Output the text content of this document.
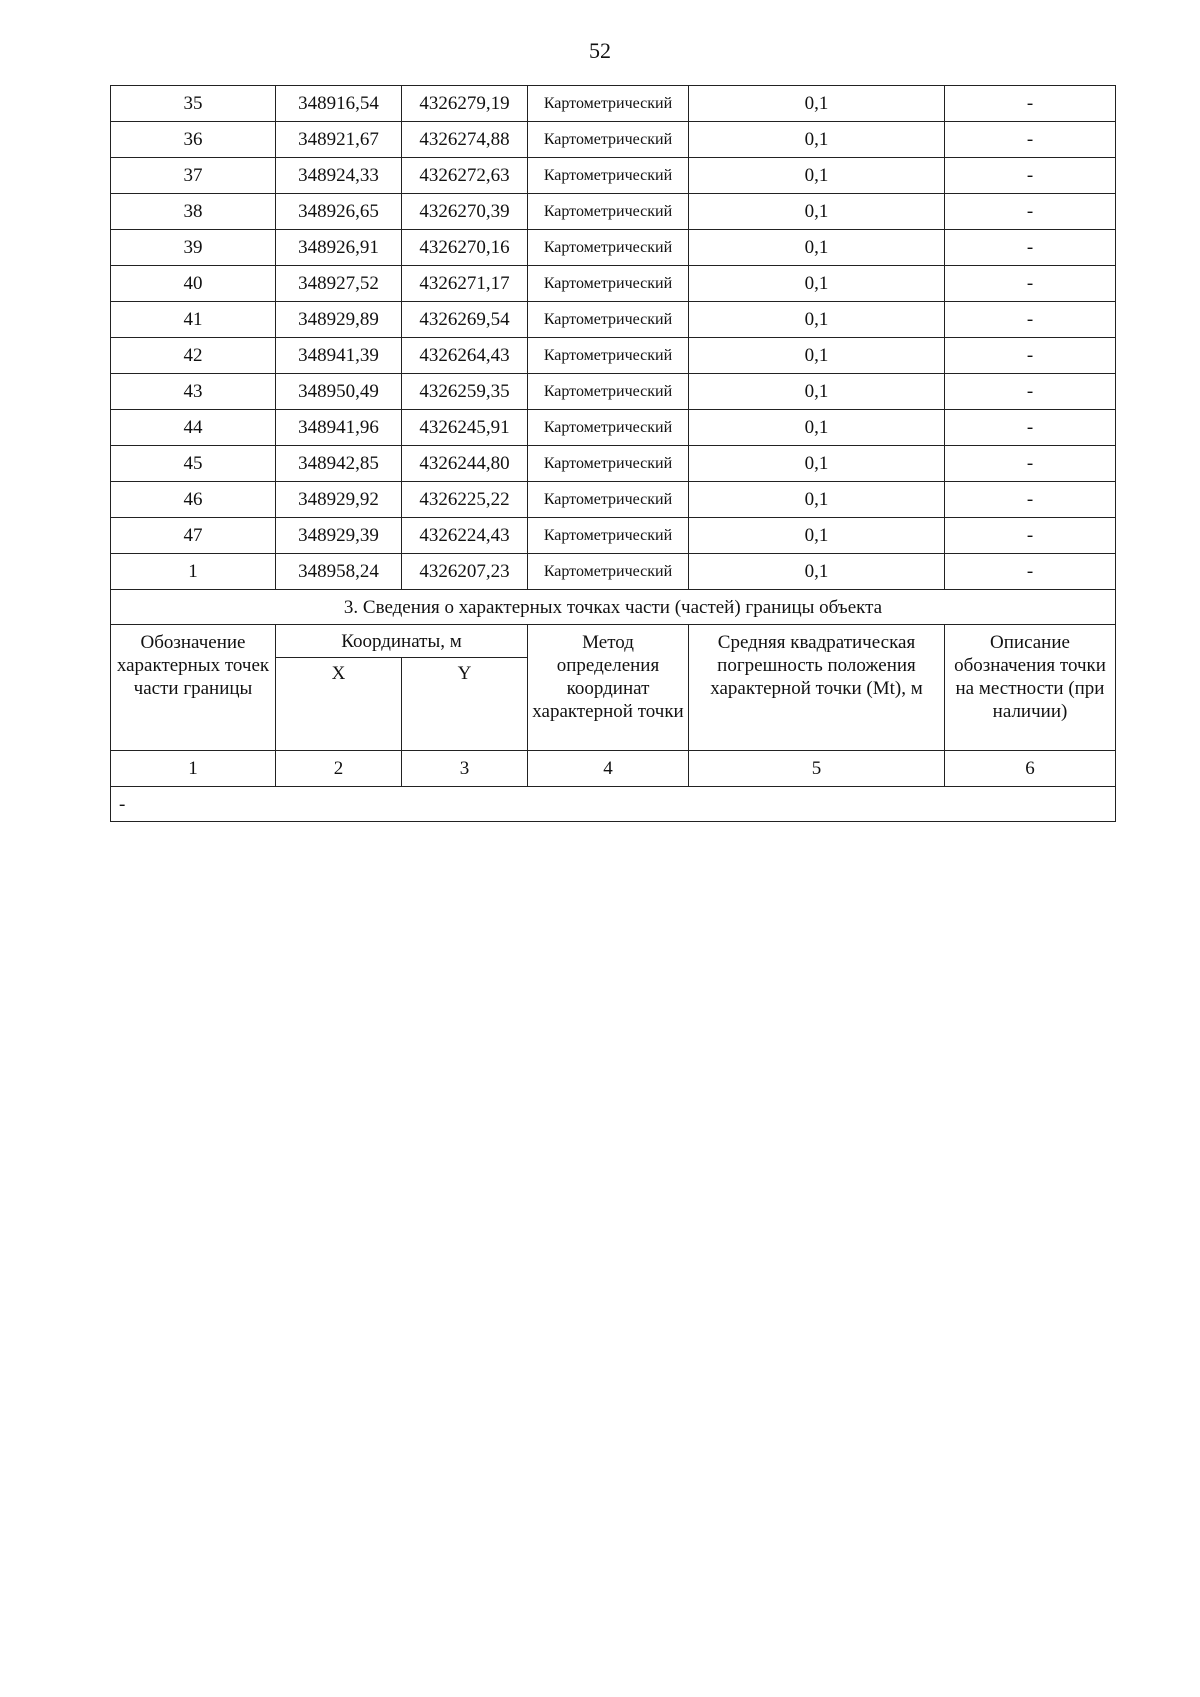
52
35	348916,54	4326279,19	Картометрический	0,1	-
36	348921,67	4326274,88	Картометрический	0,1	-
37	348924,33	4326272,63	Картометрический	0,1	-
38	348926,65	4326270,39	Картометрический	0,1	-
39	348926,91	4326270,16	Картометрический	0,1	-
40	348927,52	4326271,17	Картометрический	0,1	-
41	348929,89	4326269,54	Картометрический	0,1	-
42	348941,39	4326264,43	Картометрический	0,1	-
43	348950,49	4326259,35	Картометрический	0,1	-
44	348941,96	4326245,91	Картометрический	0,1	-
45	348942,85	4326244,80	Картометрический	0,1	-
46	348929,92	4326225,22	Картометрический	0,1	-
47	348929,39	4326224,43	Картометрический	0,1	-
1	348958,24	4326207,23	Картометрический	0,1	-
3. Сведения о характерных точках части (частей) границы объекта					
Обозначение характерных точек части границы	Координаты, м		Метод определения координат характерной точки	Средняя квадратическая погрешность положения характерной точки (Mt), м	Описание обозначения точки на местности (при наличии)
	X	Y			
1	2	3	4	5	6
-					
